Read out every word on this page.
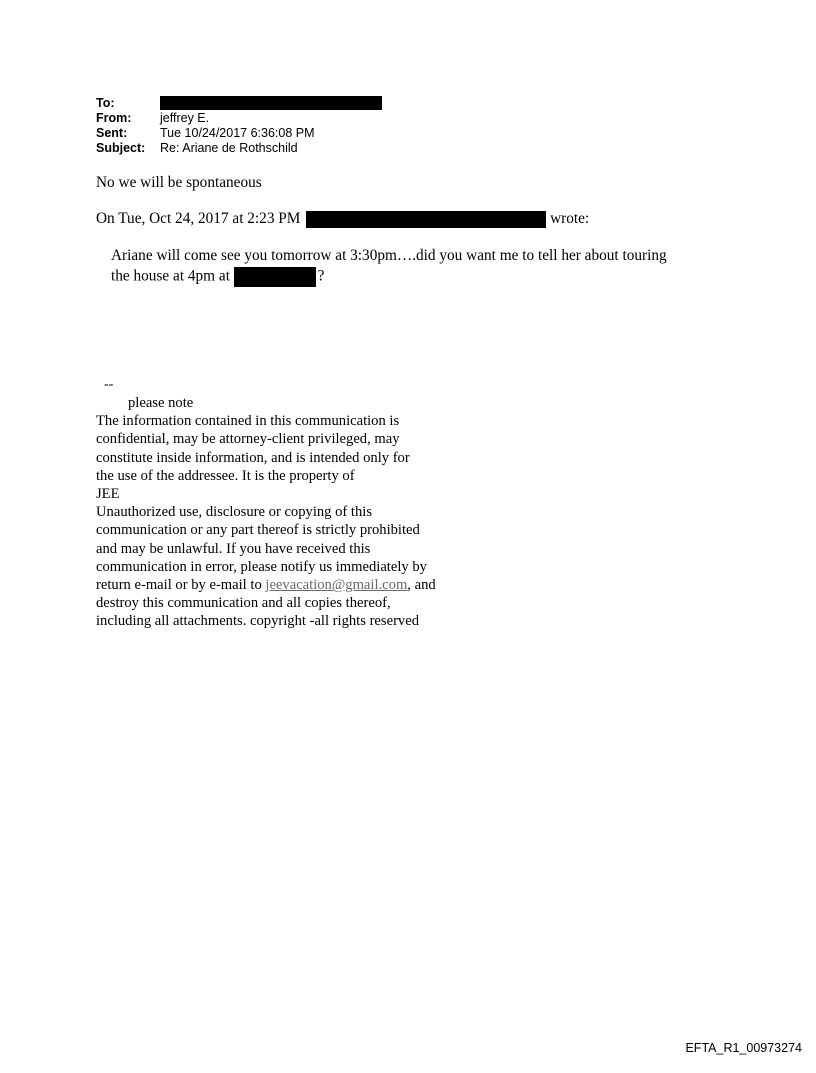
To:
From:	jeffrey E.
Sent:	Tue 10/24/2017 6:36:08 PM
Subject:	Re: Ariane de Rothschild
No we will be spontaneous
On Tue, Oct 24, 2017 at 2:23 PM	wrote:
Ariane will come see you tomorrow at 3:30pm….did you want me to tell her about touring
the house at 4pm at	?
--
please note
The information contained in this communication is
confidential, may be attorney-client privileged, may
constitute inside information, and is intended only for
the use of the addressee. It is the property of
JEE
Unauthorized use, disclosure or copying of this
communication or any part thereof is strictly prohibited
and may be unlawful. If you have received this
communication in error, please notify us immediately by
return e-mail or by e-mail to jeevacation@gmail.com, and
destroy this communication and all copies thereof,
including all attachments. copyright -all rights reserved
EFTA_R1_00973274
